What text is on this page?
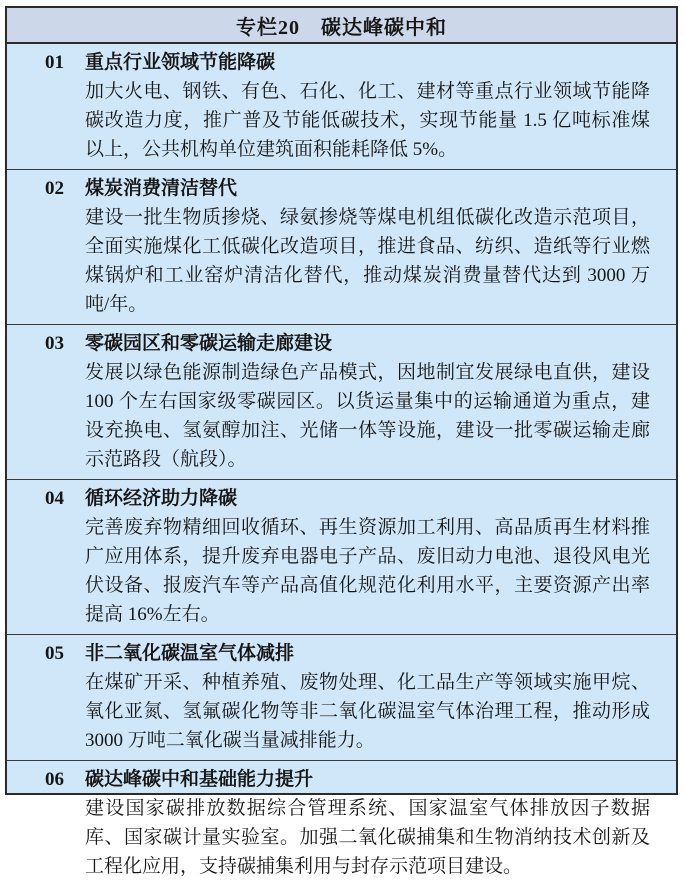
专栏20　碳达峰碳中和
01	重点行业领域节能降碳

加大火电、钢铁、有色、石化、化工、建材等重点行业领域节能降碳改造力度，推广普及节能低碳技术，实现节能量 1.5 亿吨标准煤以上，公共机构单位建筑面积能耗降低 5%。

02	煤炭消费清洁替代

建设一批生物质掺烧、绿氨掺烧等煤电机组低碳化改造示范项目，全面实施煤化工低碳化改造项目，推进食品、纺织、造纸等行业燃煤锅炉和工业窑炉清洁化替代，推动煤炭消费量替代达到 3000 万吨/年。

03	零碳园区和零碳运输走廊建设

发展以绿色能源制造绿色产品模式，因地制宜发展绿电直供，建设 100 个左右国家级零碳园区。以货运量集中的运输通道为重点，建设充换电、氢氨醇加注、光储一体等设施，建设一批零碳运输走廊示范路段（航段）。

04	循环经济助力降碳

完善废弃物精细回收循环、再生资源加工利用、高品质再生材料推广应用体系，提升废弃电器电子产品、废旧动力电池、退役风电光伏设备、报废汽车等产品高值化规范化利用水平，主要资源产出率提高 16%左右。

05	非二氧化碳温室气体减排

在煤矿开采、种植养殖、废物处理、化工品生产等领域实施甲烷、氧化亚氮、氢氟碳化物等非二氧化碳温室气体治理工程，推动形成 3000 万吨二氧化碳当量减排能力。

06	碳达峰碳中和基础能力提升

建设国家碳排放数据综合管理系统、国家温室气体排放因子数据库、国家碳计量实验室。加强二氧化碳捕集和生物消纳技术创新及工程化应用，支持碳捕集利用与封存示范项目建设。
